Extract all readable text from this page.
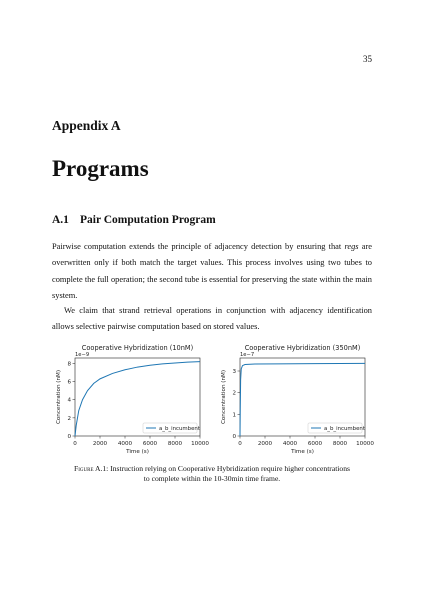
35
Appendix A
Programs
A.1 Pair Computation Program

Pairwise computation extends the principle of adjacency detection by ensuring that regs are overwritten only if both match the target values. This process involves using two tubes to complete the full operation; the second tube is essential for preserving the state within the main system.

We claim that strand retrieval operations in conjunction with adjacency identification allows selective pairwise computation based on stored values.

Cooperative Hybridization (10nM)
1e−9
0	2000 4000 6000 8000 10000
0
2
4
6
8
Time (s)
Concentration (nM)
a_b_incumbent
Cooperative Hybridization (350nM)
1e−7
0	2000 4000 6000 8000 10000
0
1
2
3
Time (s)
Concentration (nM)
a_b_incumbent
Figure A.1: Instruction relying on Cooperative Hybridization require higher concentrations to complete within the 10-30min time frame.
